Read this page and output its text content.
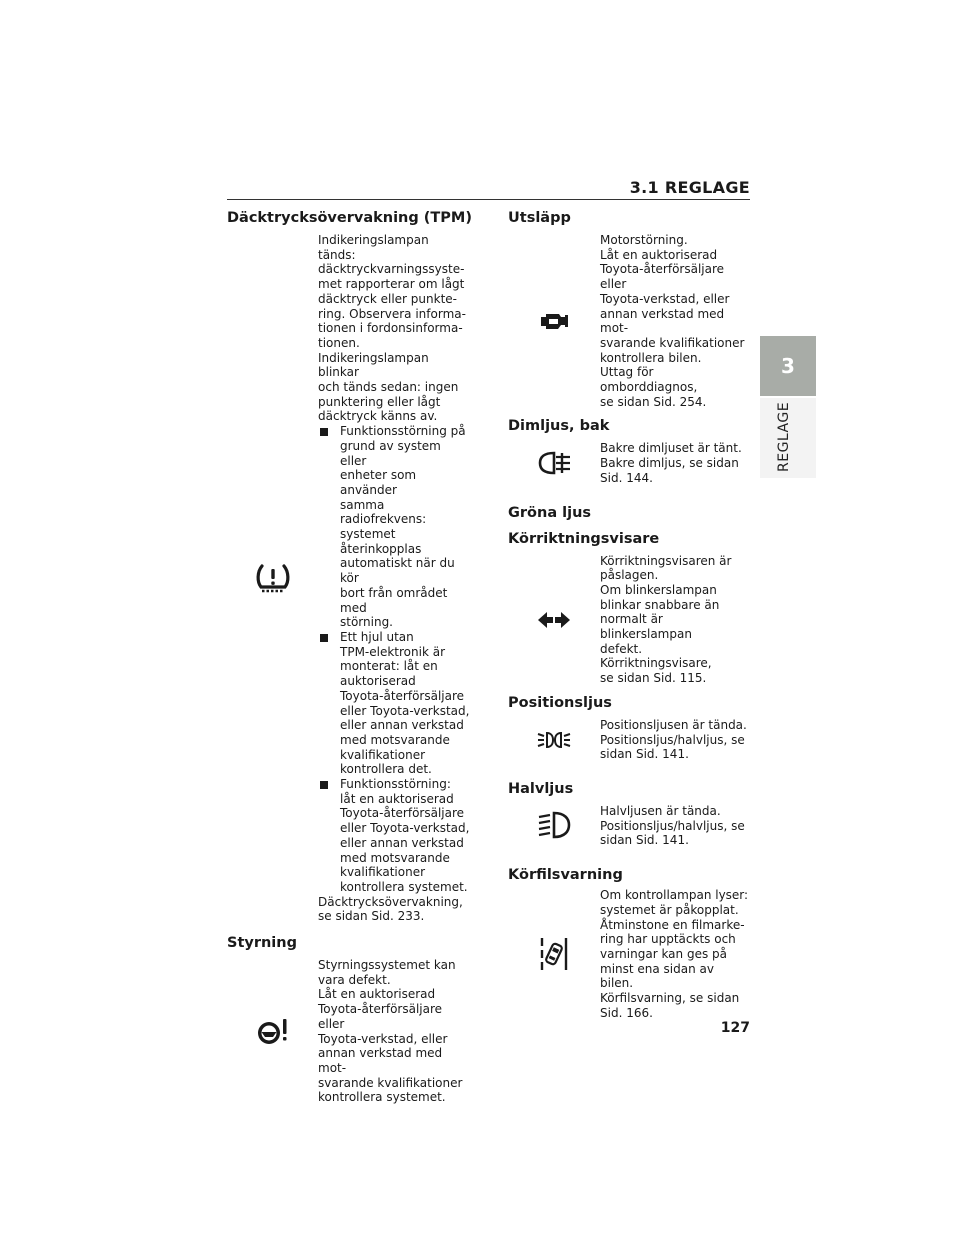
3.1 REGLAGE
3
REGLAGE
Däcktrycksövervakning (TPM)

Indikeringslampan tänds:

däcktryckvarningssyste-

met rapporterar om lågt

däcktryck eller punkte-

ring. Observera informa-

tionen i fordonsinforma-

tionen.

Indikeringslampan blinkar

och tänds sedan: ingen

punktering eller lågt

däcktryck känns av.

Funktionsstörning på

grund av system eller

enheter som använder

samma radiofrekvens:

systemet

återinkopplas

automatiskt när du kör

bort från området med

störning.

Ett hjul utan

TPM-elektronik är

monterat: låt en

auktoriserad

Toyota-återförsäljare

eller Toyota-verkstad,

eller annan verkstad

med motsvarande

kvalifikationer

kontrollera det.

Funktionsstörning:

låt en auktoriserad

Toyota-återförsäljare

eller Toyota-verkstad,

eller annan verkstad

med motsvarande

kvalifikationer

kontrollera systemet.

Däcktrycksövervakning,

se sidan Sid. 233.

Styrning

Styrningssystemet kan

vara defekt.

Låt en auktoriserad

Toyota-återförsäljare eller

Toyota-verkstad, eller

annan verkstad med mot-

svarande kvalifikationer

kontrollera systemet.

Utsläpp

Motorstörning.

Låt en auktoriserad

Toyota-återförsäljare eller

Toyota-verkstad, eller

annan verkstad med mot-

svarande kvalifikationer

kontrollera bilen.

Uttag för omborddiagnos,

se sidan Sid. 254.

Dimljus, bak

Bakre dimljuset är tänt.

Bakre dimljus, se sidan

Sid. 144.

Gröna ljus
Körriktningsvisare

Körriktningsvisaren är

påslagen.

Om blinkerslampan

blinkar snabbare än

normalt är blinkerslampan

defekt.

Körriktningsvisare,

se sidan Sid. 115.

Positionsljus

Positionsljusen är tända.

Positionsljus/halvljus, se

sidan Sid. 141.

Halvljus

Halvljusen är tända.

Positionsljus/halvljus, se

sidan Sid. 141.

Körfilsvarning

Om kontrollampan lyser:

systemet är påkopplat.

Åtminstone en filmarke-

ring har upptäckts och

varningar kan ges på

minst ena sidan av bilen.

Körfilsvarning, se sidan

Sid. 166.

127
